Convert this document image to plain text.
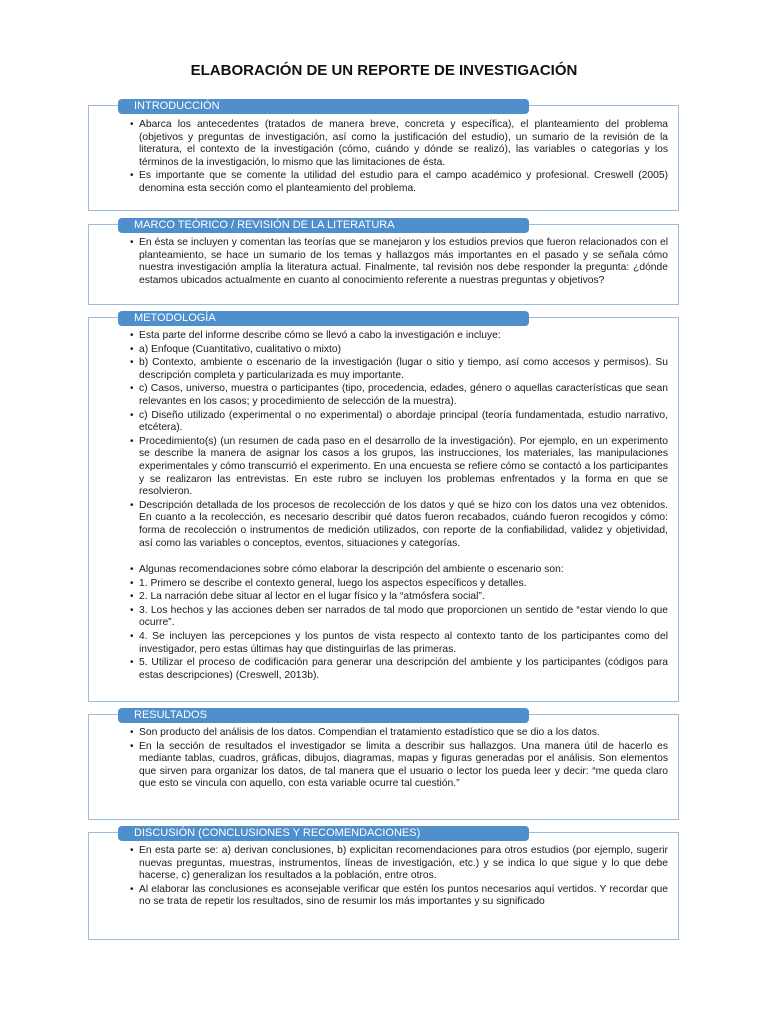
ELABORACIÓN DE UN REPORTE DE INVESTIGACIÓN
INTRODUCCIÓN
• Abarca los antecedentes (tratados de manera breve, concreta y específica), el planteamiento del problema (objetivos y preguntas de investigación, así como la justificación del estudio), un sumario de la revisión de la literatura, el contexto de la investigación (cómo, cuándo y dónde se realizó), las variables o categorías y los términos de la investigación, lo mismo que las limitaciones de ésta.
• Es importante que se comente la utilidad del estudio para el campo académico y profesional. Creswell (2005) denomina esta sección como el planteamiento del problema.
MARCO TEÓRICO / REVISIÓN DE LA LITERATURA
• En ésta se incluyen y comentan las teorías que se manejaron y los estudios previos que fueron relacionados con el planteamiento, se hace un sumario de los temas y hallazgos más importantes en el pasado y se señala cómo nuestra investigación amplía la literatura actual. Finalmente, tal revisión nos debe responder la pregunta: ¿dónde estamos ubicados actualmente en cuanto al conocimiento referente a nuestras preguntas y objetivos?
METODOLOGÍA
• Esta parte del informe describe cómo se llevó a cabo la investigación e incluye:
• a) Enfoque (Cuantitativo, cualitativo o mixto)
• b) Contexto, ambiente o escenario de la investigación (lugar o sitio y tiempo, así como accesos y permisos). Su descripción completa y particularizada es muy importante.
• c) Casos, universo, muestra o participantes (tipo, procedencia, edades, género o aquellas características que sean relevantes en los casos; y procedimiento de selección de la muestra).
• c) Diseño utilizado (experimental o no experimental) o abordaje principal (teoría fundamentada, estudio narrativo, etcétera).
• Procedimiento(s) (un resumen de cada paso en el desarrollo de la investigación). Por ejemplo, en un experimento se describe la manera de asignar los casos a los grupos, las instrucciones, los materiales, las manipulaciones experimentales y cómo transcurrió el experimento. En una encuesta se refiere cómo se contactó a los participantes y se realizaron las entrevistas. En este rubro se incluyen los problemas enfrentados y la forma en que se resolvieron.
• Descripción detallada de los procesos de recolección de los datos y qué se hizo con los datos una vez obtenidos. En cuanto a la recolección, es necesario describir qué datos fueron recabados, cuándo fueron recogidos y cómo: forma de recolección o instrumentos de medición utilizados, con reporte de la confiabilidad, validez y objetividad, así como las variables o conceptos, eventos, situaciones y categorías.
• Algunas recomendaciones sobre cómo elaborar la descripción del ambiente o escenario son:
• 1. Primero se describe el contexto general, luego los aspectos específicos y detalles.
• 2. La narración debe situar al lector en el lugar físico y la “atmósfera social”.
• 3. Los hechos y las acciones deben ser narrados de tal modo que proporcionen un sentido de “estar viendo lo que ocurre”.
• 4. Se incluyen las percepciones y los puntos de vista respecto al contexto tanto de los participantes como del investigador, pero estas últimas hay que distinguirlas de las primeras.
• 5. Utilizar el proceso de codificación para generar una descripción del ambiente y los participantes (códigos para estas descripciones) (Creswell, 2013b).
RESULTADOS
• Son producto del análisis de los datos. Compendian el tratamiento estadístico que se dio a los datos.
• En la sección de resultados el investigador se limita a describir sus hallazgos. Una manera útil de hacerlo es mediante tablas, cuadros, gráficas, dibujos, diagramas, mapas y figuras generadas por el análisis. Son elementos que sirven para organizar los datos, de tal manera que el usuario o lector los pueda leer y decir: “me queda claro que esto se vincula con aquello, con esta variable ocurre tal cuestión.”
DISCUSIÓN (CONCLUSIONES Y RECOMENDACIONES)
• En esta parte se: a) derivan conclusiones, b) explicitan recomendaciones para otros estudios (por ejemplo, sugerir nuevas preguntas, muestras, instrumentos, líneas de investigación, etc.) y se indica lo que sigue y lo que debe hacerse, c) generalizan los resultados a la población, entre otros.
• Al elaborar las conclusiones es aconsejable verificar que estén los puntos necesarios aquí vertidos. Y recordar que no se trata de repetir los resultados, sino de resumir los más importantes y su significado
